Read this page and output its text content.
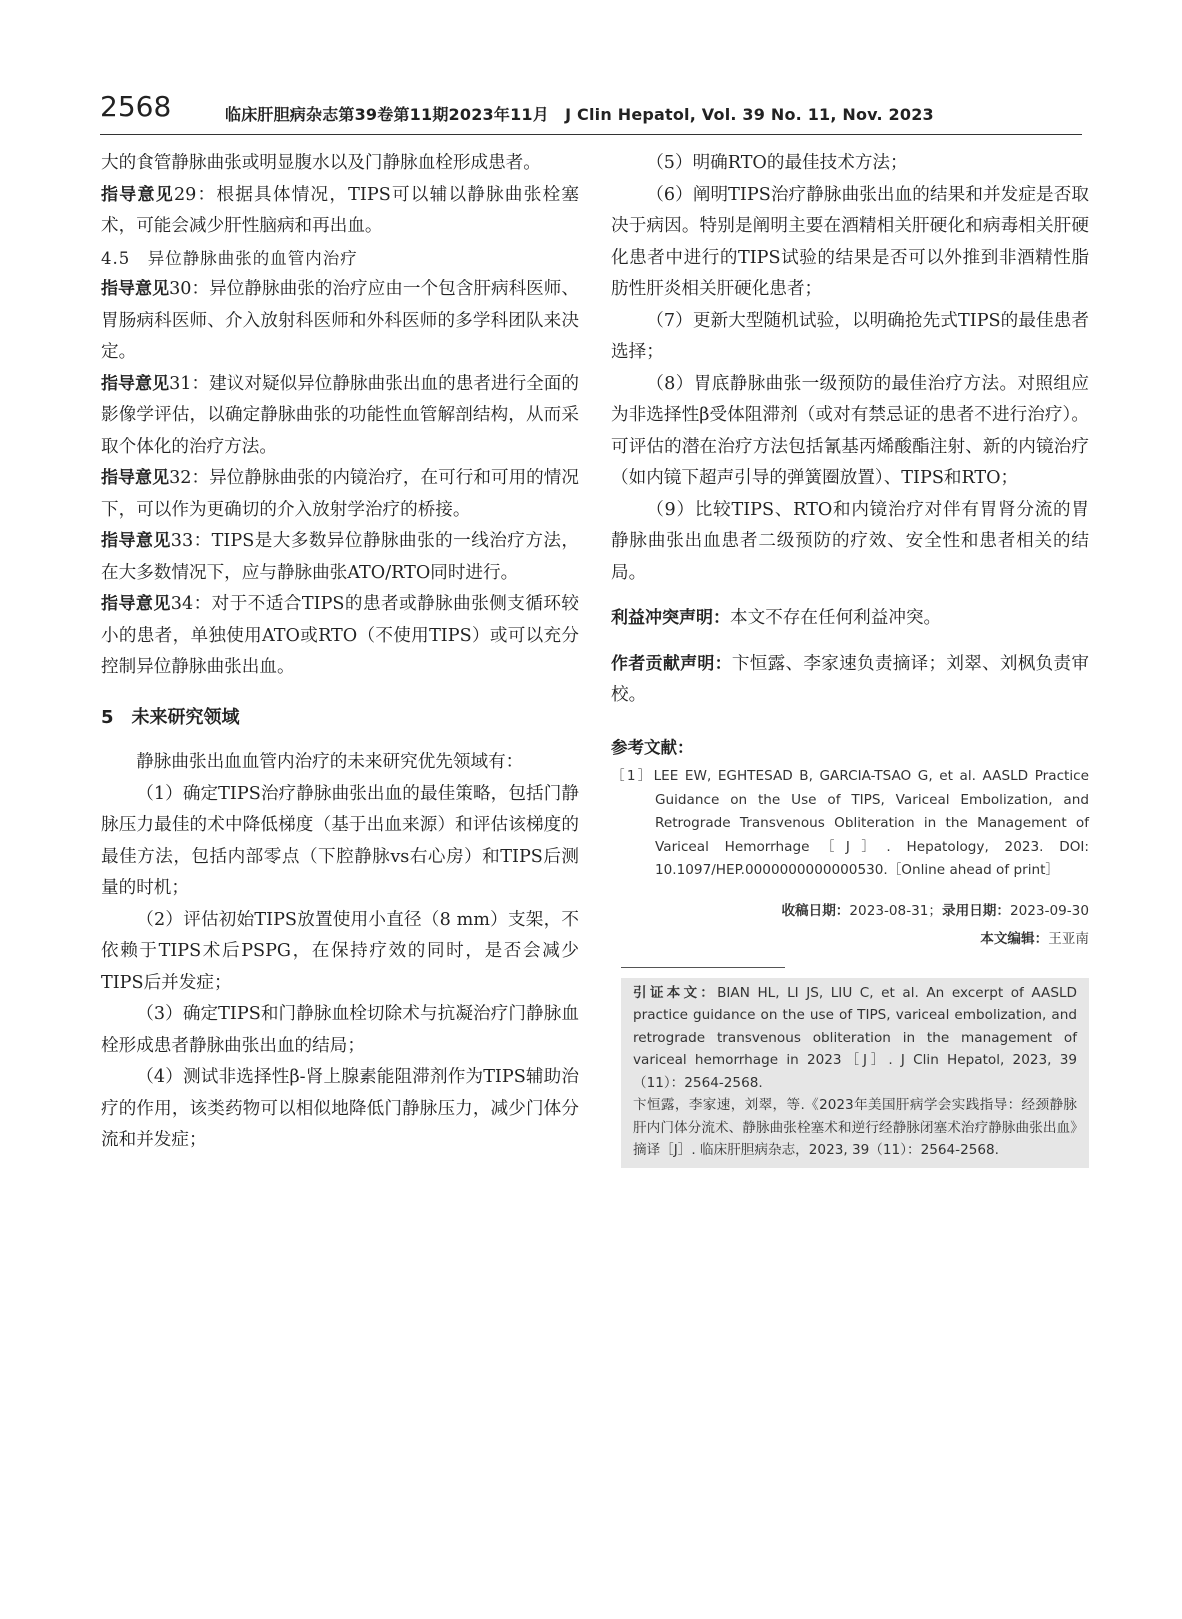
2568	临床肝胆病杂志第39卷第11期2023年11月　J Clin Hepatol, Vol. 39 No. 11, Nov. 2023

大的食管静脉曲张或明显腹水以及门静脉血栓形成患者。

指导意见29：根据具体情况，TIPS可以辅以静脉曲张栓塞术，可能会减少肝性脑病和再出血。

4.5　异位静脉曲张的血管内治疗

指导意见30：异位静脉曲张的治疗应由一个包含肝病科医师、胃肠病科医师、介入放射科医师和外科医师的多学科团队来决定。

指导意见31：建议对疑似异位静脉曲张出血的患者进行全面的影像学评估，以确定静脉曲张的功能性血管解剖结构，从而采取个体化的治疗方法。

指导意见32：异位静脉曲张的内镜治疗，在可行和可用的情况下，可以作为更确切的介入放射学治疗的桥接。

指导意见33：TIPS是大多数异位静脉曲张的一线治疗方法，在大多数情况下，应与静脉曲张ATO/RTO同时进行。

指导意见34：对于不适合TIPS的患者或静脉曲张侧支循环较小的患者，单独使用ATO或RTO（不使用TIPS）或可以充分控制异位静脉曲张出血。

5　未来研究领域

静脉曲张出血血管内治疗的未来研究优先领域有：

（1）确定TIPS治疗静脉曲张出血的最佳策略，包括门静脉压力最佳的术中降低梯度（基于出血来源）和评估该梯度的最佳方法，包括内部零点（下腔静脉vs右心房）和TIPS后测量的时机；

（2）评估初始TIPS放置使用小直径（8 mm）支架，不依赖于TIPS术后PSPG，在保持疗效的同时，是否会减少TIPS后并发症；

（3）确定TIPS和门静脉血栓切除术与抗凝治疗门静脉血栓形成患者静脉曲张出血的结局；

（4）测试非选择性β-肾上腺素能阻滞剂作为TIPS辅助治疗的作用，该类药物可以相似地降低门静脉压力，减少门体分流和并发症；

（5）明确RTO的最佳技术方法；

（6）阐明TIPS治疗静脉曲张出血的结果和并发症是否取决于病因。特别是阐明主要在酒精相关肝硬化和病毒相关肝硬化患者中进行的TIPS试验的结果是否可以外推到非酒精性脂肪性肝炎相关肝硬化患者；

（7）更新大型随机试验，以明确抢先式TIPS的最佳患者选择；

（8）胃底静脉曲张一级预防的最佳治疗方法。对照组应为非选择性β受体阻滞剂（或对有禁忌证的患者不进行治疗）。可评估的潜在治疗方法包括氰基丙烯酸酯注射、新的内镜治疗（如内镜下超声引导的弹簧圈放置）、TIPS和RTO；

（9）比较TIPS、RTO和内镜治疗对伴有胃肾分流的胃静脉曲张出血患者二级预防的疗效、安全性和患者相关的结局。

利益冲突声明：本文不存在任何利益冲突。

作者贡献声明：卞恒露、李家速负责摘译；刘翠、刘枫负责审校。

参考文献：

［1］LEE EW, EGHTESAD B, GARCIA-TSAO G, et al. AASLD Practice Guidance on the Use of TIPS, Variceal Embolization, and Retrograde Transvenous Obliteration in the Management of Variceal Hemorrhage［J］. Hepatology, 2023. DOI: 10.1097/HEP.0000000000000530.［Online ahead of print］

收稿日期：2023-08-31；录用日期：2023-09-30

本文编辑：王亚南

引证本文：BIAN HL, LI JS, LIU C, et al. An excerpt of AASLD practice guidance on the use of TIPS, variceal embolization, and retrograde transvenous obliteration in the management of variceal hemorrhage in 2023［J］. J Clin Hepatol, 2023, 39（11）：2564-2568.

卞恒露，李家速，刘翠，等.《2023年美国肝病学会实践指导：经颈静脉肝内门体分流术、静脉曲张栓塞术和逆行经静脉闭塞术治疗静脉曲张出血》摘译［J］. 临床肝胆病杂志，2023, 39（11）：2564-2568.
